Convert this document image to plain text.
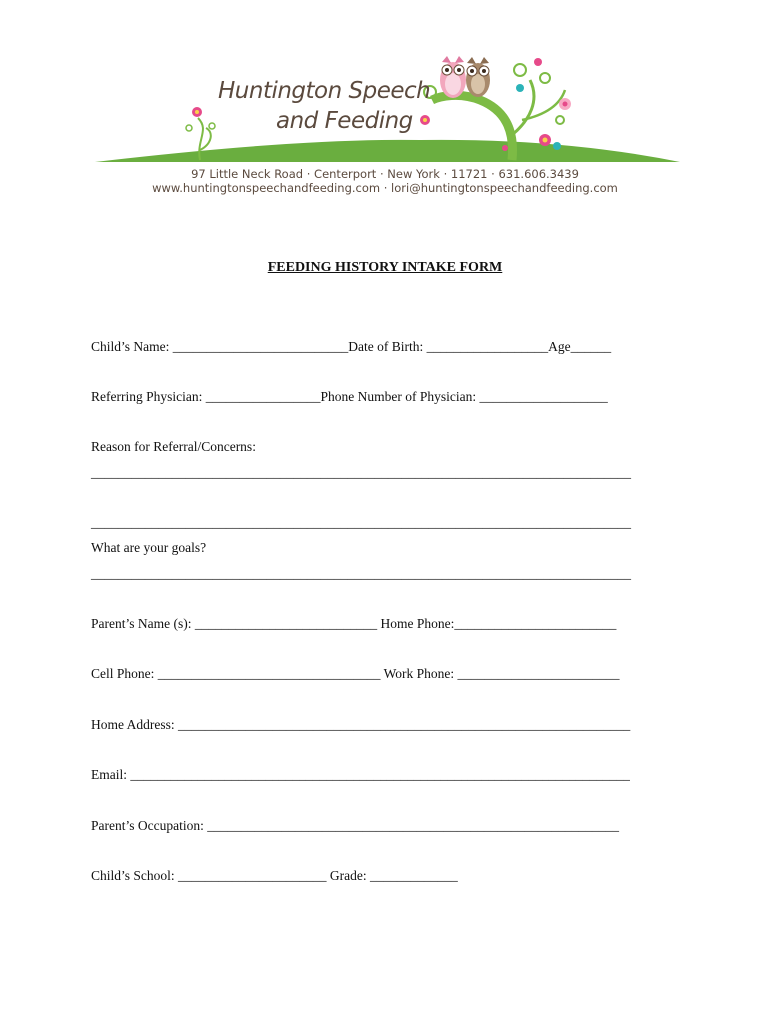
Huntington Speech
and Feeding
97 Little Neck Road · Centerport · New York · 11721 · 631.606.3439
www.huntingtonspeechandfeeding.com · lori@huntingtonspeechandfeeding.com
FEEDING HISTORY INTAKE FORM
Child’s Name: __________________________Date of Birth: __________________Age______
Referring Physician: _________________Phone Number of Physician: ___________________
Reason for Referral/Concerns:
________________________________________________________________________________
________________________________________________________________________________
What are your goals?
________________________________________________________________________________
Parent’s Name (s): ___________________________ Home Phone:________________________
Cell Phone: _________________________________ Work Phone: ________________________
Home Address: ___________________________________________________________________
Email: __________________________________________________________________________
Parent’s Occupation: _____________________________________________________________
Child’s School: ______________________ Grade: _____________
